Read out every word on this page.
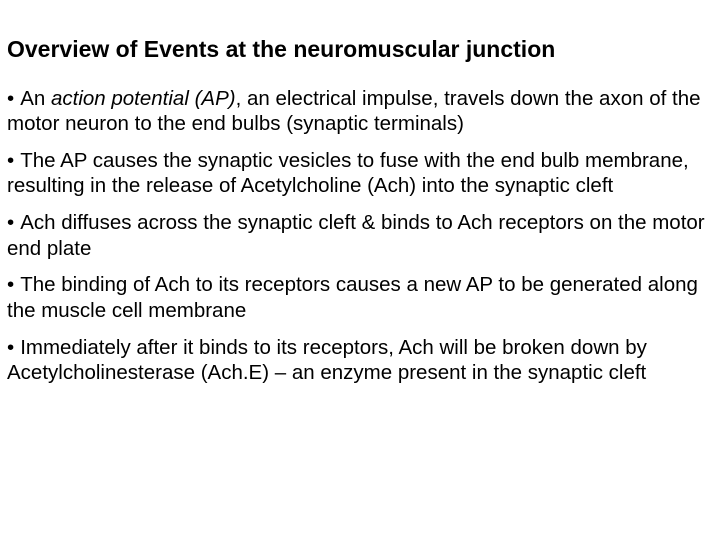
Overview of Events at the neuromuscular junction
• An action potential (AP), an electrical impulse, travels down the axon of the motor neuron to the end bulbs (synaptic terminals)
• The AP causes the synaptic vesicles to fuse with the end bulb membrane, resulting in the release of Acetylcholine (Ach) into the synaptic cleft
• Ach diffuses across the synaptic cleft & binds to Ach receptors on the motor end plate
• The binding of Ach to its receptors causes a new AP to be generated along the muscle cell membrane
• Immediately after it binds to its receptors, Ach will be broken down by Acetylcholinesterase (Ach.E) – an enzyme present in the synaptic cleft
